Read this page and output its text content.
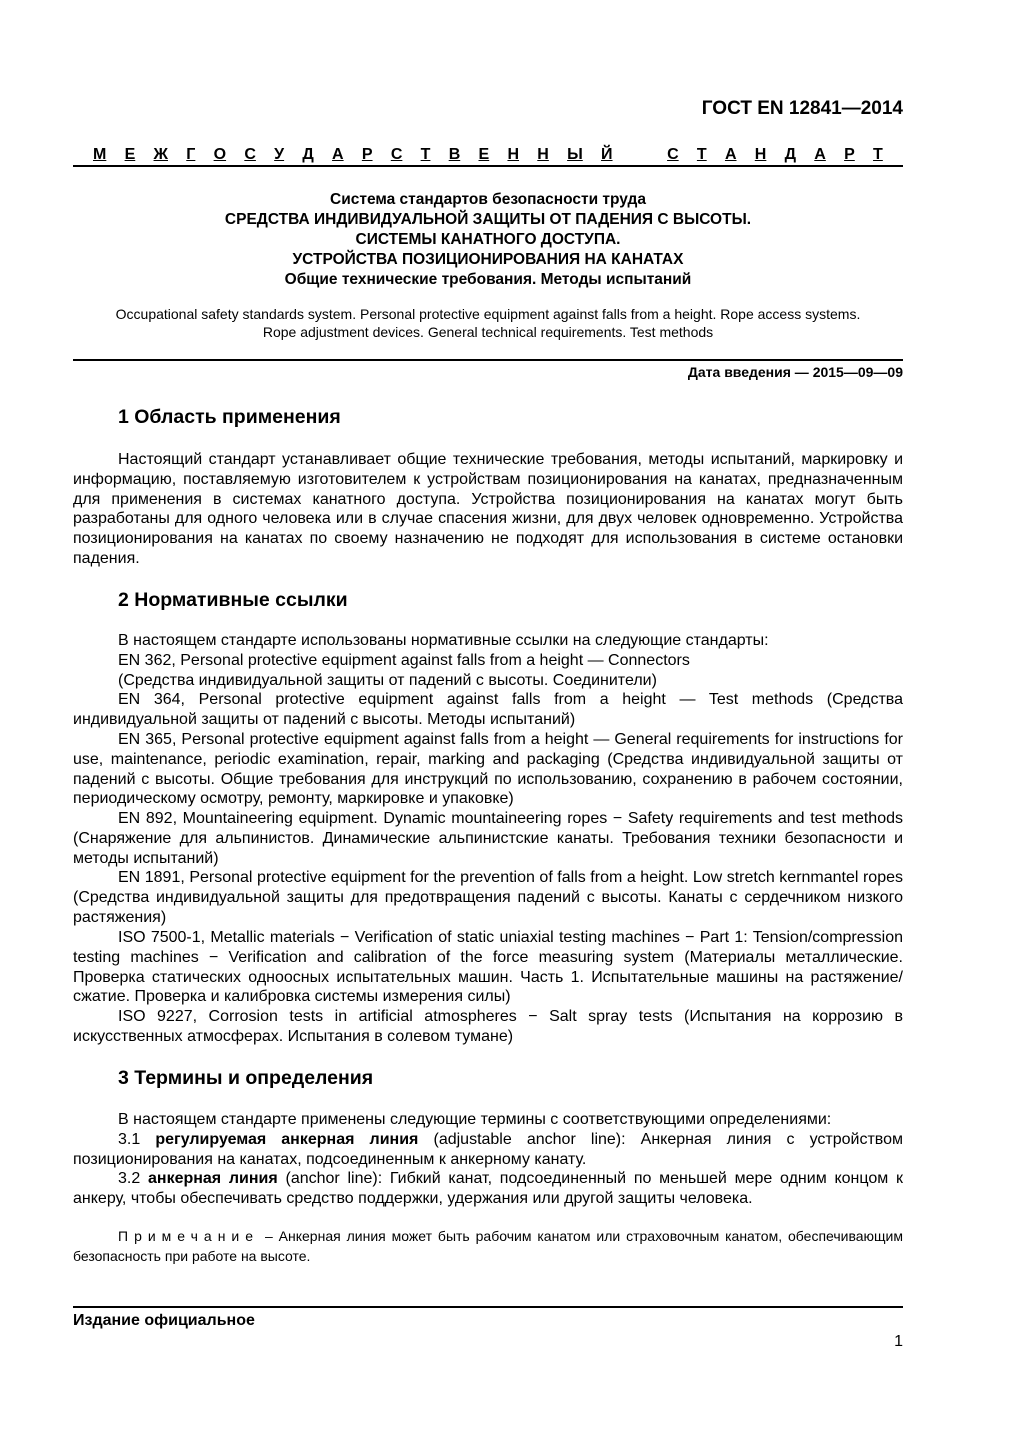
ГОСТ EN 12841—2014
М Е Ж Г О С У Д А Р С Т В Е Н Н Ы Й	С Т А Н Д А Р Т
Система стандартов безопасности труда
СРЕДСТВА ИНДИВИДУАЛЬНОЙ ЗАЩИТЫ ОТ ПАДЕНИЯ С ВЫСОТЫ.
СИСТЕМЫ КАНАТНОГО ДОСТУПА.
УСТРОЙСТВА ПОЗИЦИОНИРОВАНИЯ НА КАНАТАХ
Общие технические требования. Методы испытаний
Occupational safety standards system. Personal protective equipment against falls from a height. Rope access systems.
Rope adjustment devices. General technical requirements. Test methods
Дата введения — 2015—09—09
1 Область применения

Настоящий стандарт устанавливает общие технические требования, методы испытаний, маркировку и информацию, поставляемую изготовителем к устройствам позиционирования на канатах, предназначенным для применения в системах канатного доступа. Устройства позиционирования на канатах могут быть разработаны для одного человека или в случае спасения жизни, для двух человек одновременно. Устройства позиционирования на канатах по своему назначению не подходят для использования в системе остановки падения.

2 Нормативные ссылки

В настоящем стандарте использованы нормативные ссылки на следующие стандарты:

EN 362, Personal protective equipment against falls from a height — Connectors

(Средства индивидуальной защиты от падений с высоты. Соединители)

EN 364, Personal protective equipment against falls from a height — Test methods (Средства индивидуальной защиты от падений с высоты. Методы испытаний)

EN 365, Personal protective equipment against falls from a height — General requirements for instructions for use, maintenance, periodic examination, repair, marking and packaging (Средства индивидуальной защиты от падений с высоты. Общие требования для инструкций по использованию, сохранению в рабочем состоянии, периодическому осмотру, ремонту, маркировке и упаковке)

EN 892, Mountaineering equipment. Dynamic mountaineering ropes − Safety requirements and test methods (Снаряжение для альпинистов. Динамические альпинистские канаты. Требования техники безопасности и методы испытаний)

EN 1891, Personal protective equipment for the prevention of falls from a height. Low stretch kernmantel ropes (Средства индивидуальной защиты для предотвращения падений с высоты. Канаты с сердечником низкого растяжения)

ISO 7500-1, Metallic materials − Verification of static uniaxial testing machines − Part 1: Tension/compression testing machines − Verification and calibration of the force measuring system (Материалы металлические. Проверка статических одноосных испытательных машин. Часть 1. Испытательные машины на растяжение/сжатие. Проверка и калибровка системы измерения силы)

ISO 9227, Corrosion tests in artificial atmospheres − Salt spray tests (Испытания на коррозию в искусственных атмосферах. Испытания в солевом тумане)

3 Термины и определения

В настоящем стандарте применены следующие термины с соответствующими определениями:

3.1 регулируемая анкерная линия (adjustable anchor line): Анкерная линия с устройством позиционирования на канатах, подсоединенным к анкерному канату.

3.2 анкерная линия (anchor line): Гибкий канат, подсоединенный по меньшей мере одним концом к анкеру, чтобы обеспечивать средство поддержки, удержания или другой защиты человека.

Примечание – Анкерная линия может быть рабочим канатом или страховочным канатом, обеспечивающим безопасность при работе на высоте.

Издание официальное
1
